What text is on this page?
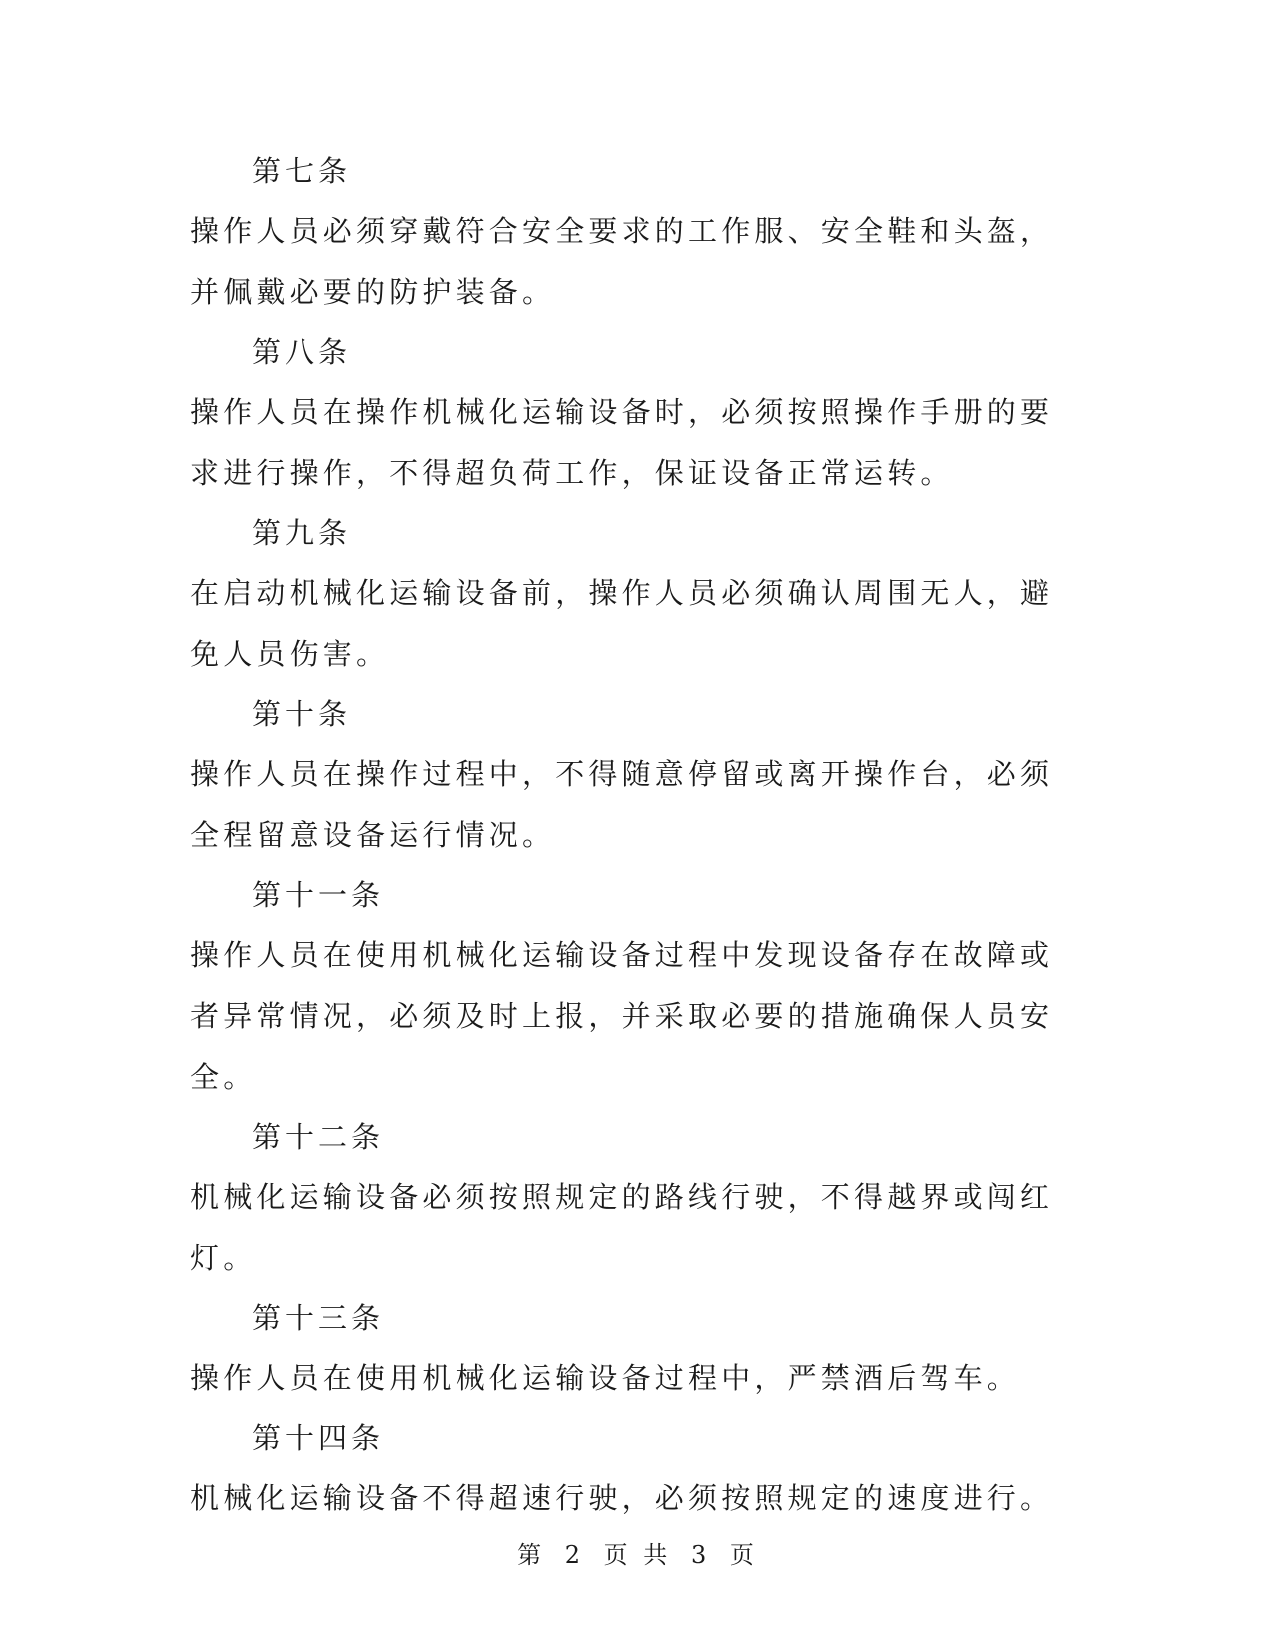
第七条

操作人员必须穿戴符合安全要求的工作服、安全鞋和头盔，并佩戴必要的防护装备。

第八条

操作人员在操作机械化运输设备时，必须按照操作手册的要求进行操作，不得超负荷工作，保证设备正常运转。

第九条

在启动机械化运输设备前，操作人员必须确认周围无人，避免人员伤害。

第十条

操作人员在操作过程中，不得随意停留或离开操作台，必须全程留意设备运行情况。

第十一条

操作人员在使用机械化运输设备过程中发现设备存在故障或者异常情况，必须及时上报，并采取必要的措施确保人员安全。

第十二条

机械化运输设备必须按照规定的路线行驶，不得越界或闯红灯。

第十三条

操作人员在使用机械化运输设备过程中，严禁酒后驾车。

第十四条

机械化运输设备不得超速行驶，必须按照规定的速度进行。

第 2 页 共 3 页
